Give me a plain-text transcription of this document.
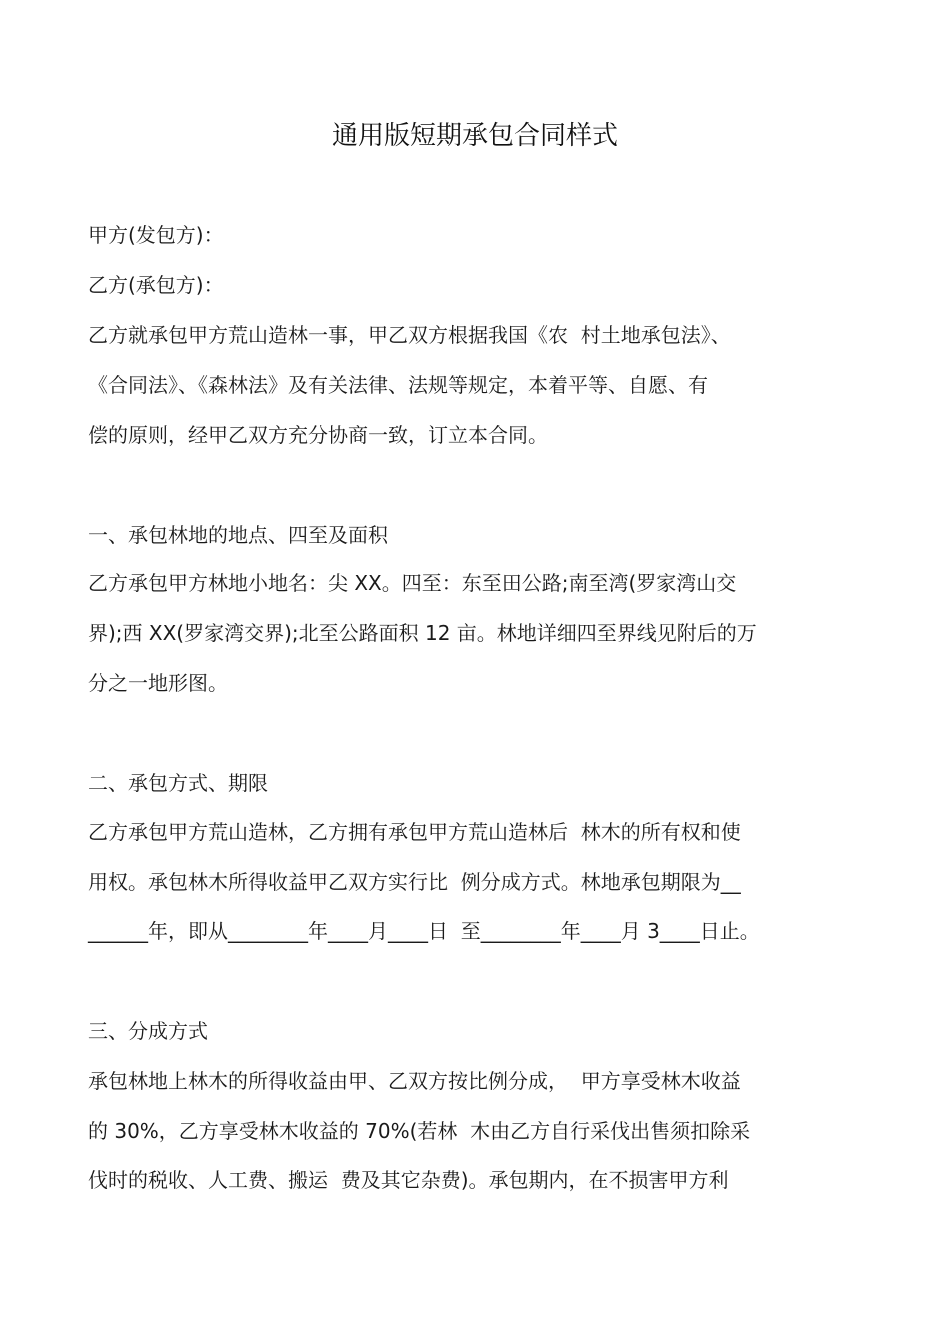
通用版短期承包合同样式
甲方(发包方)：
乙方(承包方)：
乙方就承包甲方荒山造林一事，甲乙双方根据我国《农  村土地承包法》、
《合同法》、《森林法》及有关法律、法规等规定，本着平等、自愿、有
偿的原则，经甲乙双方充分协商一致，订立本合同。
一、承包林地的地点、四至及面积
乙方承包甲方林地小地名：尖 XX。四至：东至田公路;南至湾(罗家湾山交
界);西 XX(罗家湾交界);北至公路面积 12 亩。林地详细四至界线见附后的万
分之一地形图。
二、承包方式、期限
乙方承包甲方荒山造林，乙方拥有承包甲方荒山造林后  林木的所有权和使
用权。承包林木所得收益甲乙双方实行比  例分成方式。林地承包期限为__
______年，即从________年____月____日  至________年____月 3____日止。
三、分成方式
承包林地上林木的所得收益由甲、乙双方按比例分成，  甲方享受林木收益
的 30%，乙方享受林木收益的 70%(若林  木由乙方自行采伐出售须扣除采
伐时的税收、人工费、搬运  费及其它杂费)。承包期内，在不损害甲方利
